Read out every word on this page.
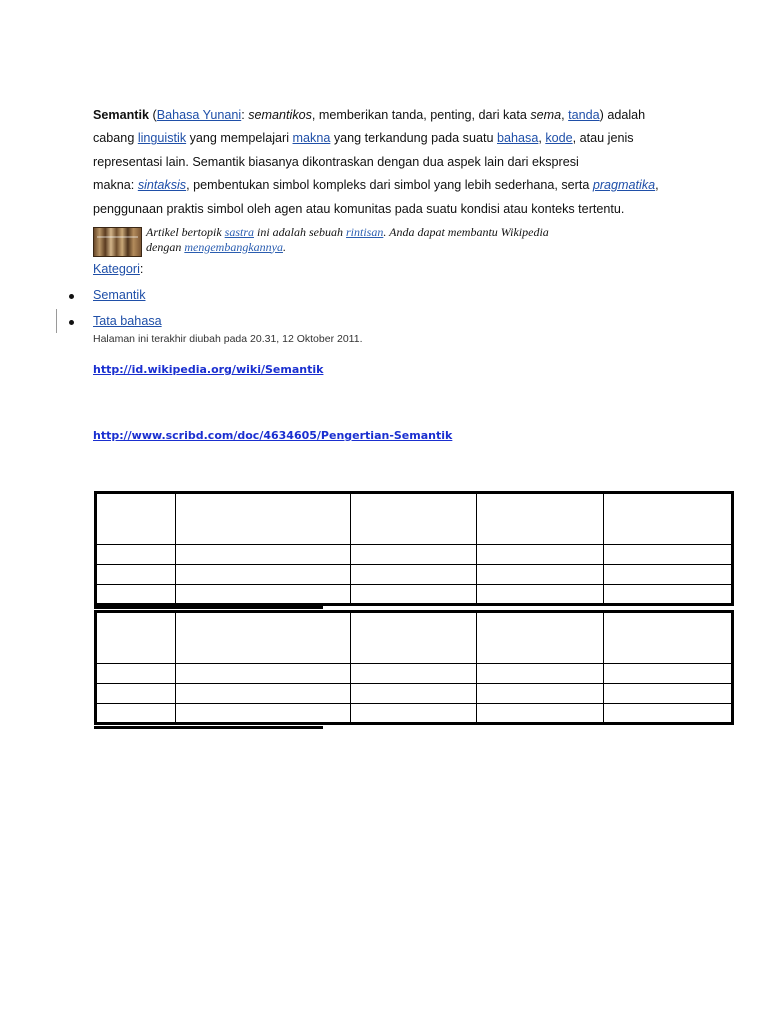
Semantik (Bahasa Yunani: semantikos, memberikan tanda, penting, dari kata sema, tanda) adalah

cabang linguistik yang mempelajari makna yang terkandung pada suatu bahasa, kode, atau jenis

representasi lain. Semantik biasanya dikontraskan dengan dua aspek lain dari ekspresi

makna: sintaksis, pembentukan simbol kompleks dari simbol yang lebih sederhana, serta pragmatika,

penggunaan praktis simbol oleh agen atau komunitas pada suatu kondisi atau konteks tertentu.

Artikel bertopik sastra ini adalah sebuah rintisan. Anda dapat membantu Wikipedia
dengan mengembangkannya.
Kategori:
Semantik
Tata bahasa
Halaman ini terakhir diubah pada 20.31, 12 Oktober 2011.
http://id.wikipedia.org/wiki/Semantik
http://www.scribd.com/doc/4634605/Pengertian-Semantik
